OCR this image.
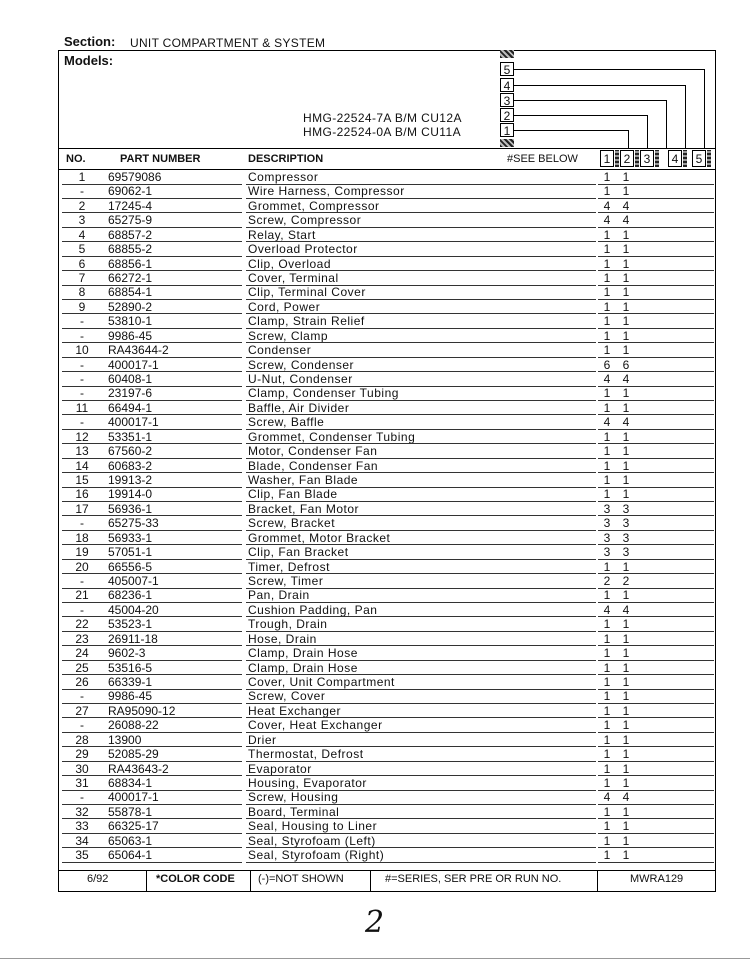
Section: UNIT COMPARTMENT & SYSTEM
Models:
HMG-22524-7A B/M CU12A
HMG-22524-0A B/M CU11A
5
4
3
2
1
NO.	PART NUMBER	DESCRIPTION	#SEE BELOW	1	2	3	4	5
1	69579086	Compressor	1 1
-	69062-1	Wire Harness, Compressor	1 1
2	17245-4	Grommet, Compressor	4 4
3	65275-9	Screw, Compressor	4 4
4	68857-2	Relay, Start	1 1
5	68855-2	Overload Protector	1 1
6	68856-1	Clip, Overload	1 1
7	66272-1	Cover, Terminal	1 1
8	68854-1	Clip, Terminal Cover	1 1
9	52890-2	Cord, Power	1 1
-	53810-1	Clamp, Strain Relief	1 1
-	9986-45	Screw, Clamp	1 1
10	RA43644-2	Condenser	1 1
-	400017-1	Screw, Condenser	6 6
-	60408-1	U-Nut, Condenser	4 4
-	23197-6	Clamp, Condenser Tubing	1 1
11	66494-1	Baffle, Air Divider	1 1
-	400017-1	Screw, Baffle	4 4
12	53351-1	Grommet, Condenser Tubing	1 1
13	67560-2	Motor, Condenser Fan	1 1
14	60683-2	Blade, Condenser Fan	1 1
15	19913-2	Washer, Fan Blade	1 1
16	19914-0	Clip, Fan Blade	1 1
17	56936-1	Bracket, Fan Motor	3 3
-	65275-33	Screw, Bracket	3 3
18	56933-1	Grommet, Motor Bracket	3 3
19	57051-1	Clip, Fan Bracket	3 3
20	66556-5	Timer, Defrost	1 1
-	405007-1	Screw, Timer	2 2
21	68236-1	Pan, Drain	1 1
-	45004-20	Cushion Padding, Pan	4 4
22	53523-1	Trough, Drain	1 1
23	26911-18	Hose, Drain	1 1
24	9602-3	Clamp, Drain Hose	1 1
25	53516-5	Clamp, Drain Hose	1 1
26	66339-1	Cover, Unit Compartment	1 1
-	9986-45	Screw, Cover	1 1
27	RA95090-12	Heat Exchanger	1 1
-	26088-22	Cover, Heat Exchanger	1 1
28	13900	Drier	1 1
29	52085-29	Thermostat, Defrost	1 1
30	RA43643-2	Evaporator	1 1
31	68834-1	Housing, Evaporator	1 1
-	400017-1	Screw, Housing	4 4
32	55878-1	Board, Terminal	1 1
33	66325-17	Seal, Housing to Liner	1 1
34	65063-1	Seal, Styrofoam (Left)	1 1
35	65064-1	Seal, Styrofoam (Right)	1 1
6/92	*COLOR CODE (-)=NOT SHOWN	#=SERIES, SER PRE OR RUN NO.	MWRA129
2
